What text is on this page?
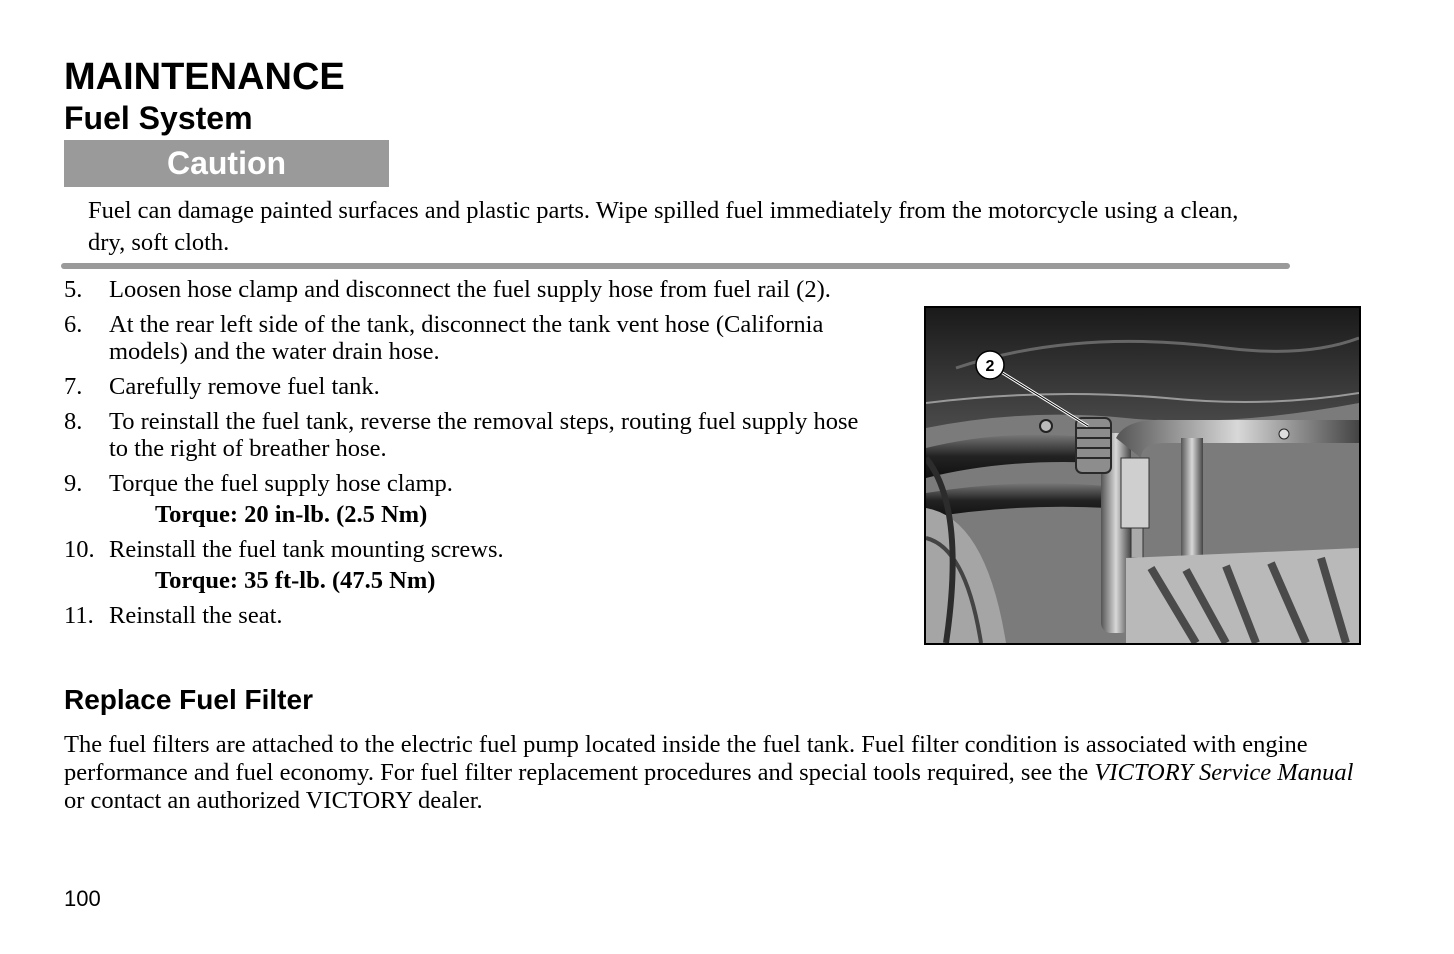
MAINTENANCE
Fuel System
Caution
Fuel can damage painted surfaces and plastic parts. Wipe spilled fuel immediately from the motorcycle using a clean, dry, soft cloth.
5. Loosen hose clamp and disconnect the fuel supply hose from fuel rail (2).
6. At the rear left side of the tank, disconnect the tank vent hose (California models) and the water drain hose.
7. Carefully remove fuel tank.
8. To reinstall the fuel tank, reverse the removal steps, routing fuel supply hose to the right of breather hose.
9. Torque the fuel supply hose clamp.
Torque: 20 in-lb. (2.5 Nm)
10. Reinstall the fuel tank mounting screws.
Torque: 35 ft-lb. (47.5 Nm)
11. Reinstall the seat.
2
Replace Fuel Filter
The fuel filters are attached to the electric fuel pump located inside the fuel tank. Fuel filter condition is associated with engine performance and fuel economy. For fuel filter replacement procedures and special tools required, see the VICTORY Service Manual or contact an authorized VICTORY dealer.
100
